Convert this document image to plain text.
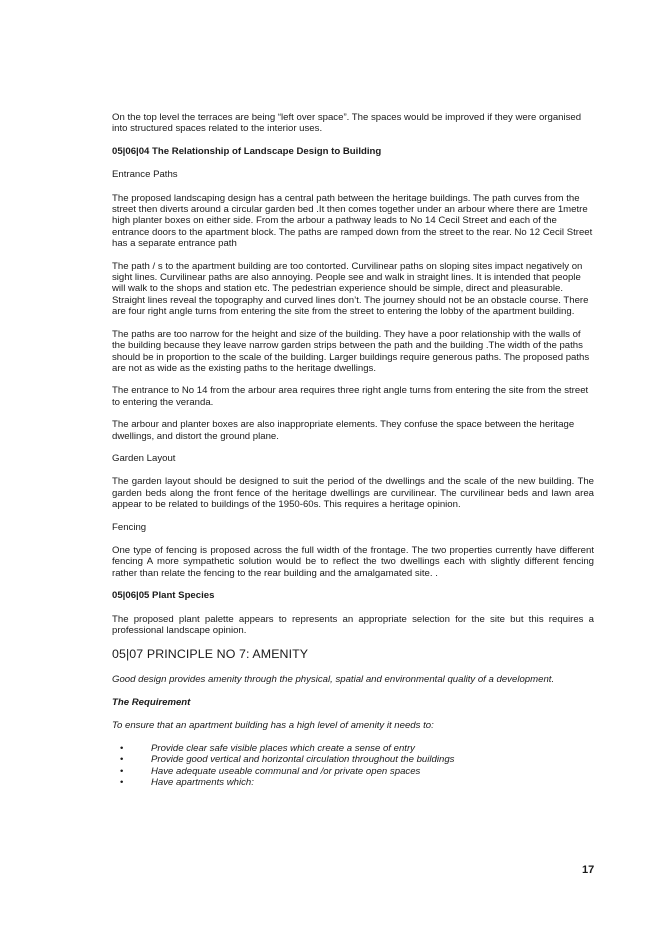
On the top level the terraces are being “left over space”. The spaces would be improved if they were organised into structured spaces related to the interior uses.

05|06|04 The Relationship of Landscape Design to Building

Entrance Paths

The proposed landscaping design has a central path between the heritage buildings. The path curves from the street then diverts around a circular garden bed .It then comes together under an arbour where there are 1metre high planter boxes on either side. From the arbour a pathway leads to No 14 Cecil Street and each of the entrance doors to the apartment block. The paths are ramped down from the street to the rear. No 12 Cecil Street has a separate entrance path

The path / s to the apartment building are too contorted. Curvilinear paths on sloping sites impact negatively on sight lines. Curvilinear paths are also annoying. People see and walk in straight lines. It is intended that people will walk to the shops and station etc. The pedestrian experience should be simple, direct and pleasurable. Straight lines reveal the topography and curved lines don’t. The journey should not be an obstacle course. There are four right angle turns from entering the site from the street to entering the lobby of the apartment building.

The paths are too narrow for the height and size of the building. They have a poor relationship with the walls of the building because they leave narrow garden strips between the path and the building .The width of the paths should be in proportion to the scale of the building. Larger buildings require generous paths. The proposed paths are not as wide as the existing paths to the heritage dwellings.

The entrance to No 14 from the arbour area requires three right angle turns from entering the site from the street to entering the veranda.

The arbour and planter boxes are also inappropriate elements. They confuse the space between the heritage dwellings, and distort the ground plane.

Garden Layout

The garden layout should be designed to suit the period of the dwellings and the scale of the new building. The garden beds along the front fence of the heritage dwellings are curvilinear. The curvilinear beds and lawn area appear to be related to buildings of the 1950-60s. This requires a heritage opinion.

Fencing

One type of fencing is proposed across the full width of the frontage. The two properties currently have different fencing A more sympathetic solution would be to reflect the two dwellings each with slightly different fencing rather than relate the fencing to the rear building and the amalgamated site. .

05|06|05 Plant Species

The proposed plant palette appears to represents an appropriate selection for the site but this requires a professional landscape opinion.

05|07 PRINCIPLE NO 7: AMENITY

Good design provides amenity through the physical, spatial and environmental quality of a development.

The Requirement

To ensure that an apartment building has a high level of amenity it needs to:

•	Provide clear safe visible places which create a sense of entry
•	Provide good vertical and horizontal circulation throughout the buildings
•	Have adequate useable communal and /or private open spaces
•	Have apartments which:
17
